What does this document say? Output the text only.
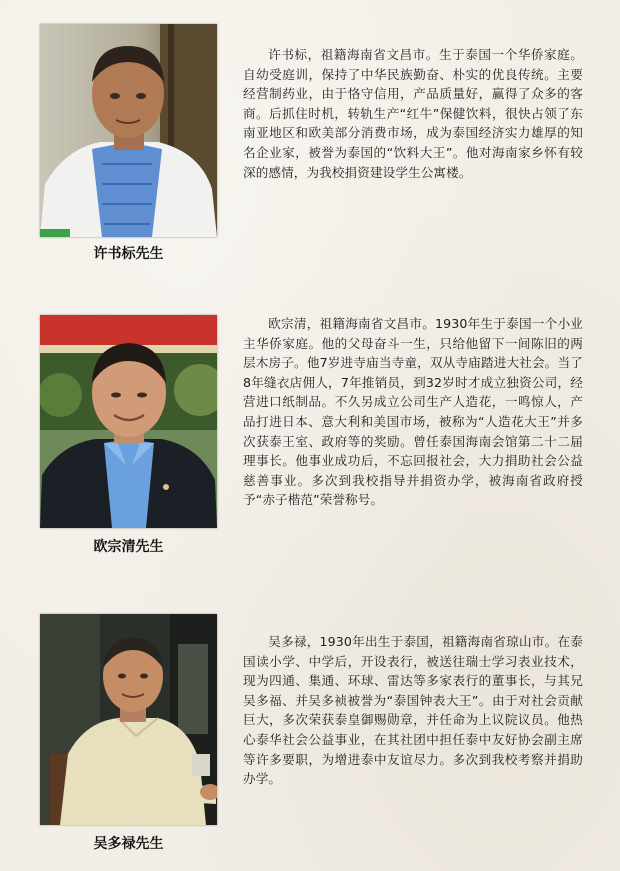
许书标先生

许书标，祖籍海南省文昌市。生于泰国一个华侨家庭。自幼受庭训，保持了中华民族勤奋、朴实的优良传统。主要经营制药业，由于恪守信用，产品质量好，赢得了众多的客商。后抓住时机，转轨生产“红牛”保健饮料，很快占领了东南亚地区和欧美部分消费市场，成为泰国经济实力雄厚的知名企业家，被誉为泰国的“饮料大王”。他对海南家乡怀有较深的感情，为我校捐资建设学生公寓楼。

欧宗清先生

欧宗清，祖籍海南省文昌市。1930年生于泰国一个小业主华侨家庭。他的父母奋斗一生，只给他留下一间陈旧的两层木房子。他7岁进寺庙当寺童，双从寺庙踏进大社会。当了8年缝衣店佣人，7年推销员，到32岁时才成立独资公司，经营进口纸制品。不久另成立公司生产人造花，一鸣惊人，产品打进日本、意大利和美国市场，被称为“人造花大王”并多次获泰王室、政府等的奖励。曾任泰国海南会馆第二十二届理事长。他事业成功后，不忘回报社会，大力捐助社会公益慈善事业。多次到我校指导并捐资办学，被海南省政府授予“赤子楷范”荣誉称号。

吴多禄先生

吴多禄，1930年出生于泰国，祖籍海南省琼山市。在泰国读小学、中学后，开设表行，被送往瑞士学习表业技术，现为四通、集通、环球、雷达等多家表行的董事长，与其兄吴多福、并吴多祯被誉为“泰国钟表大王”。由于对社会贡献巨大，多次荣获泰皇御赐勋章，并任命为上议院议员。他热心泰华社会公益事业，在其社团中担任泰中友好协会副主席等许多要职，为增进泰中友谊尽力。多次到我校考察并捐助办学。
